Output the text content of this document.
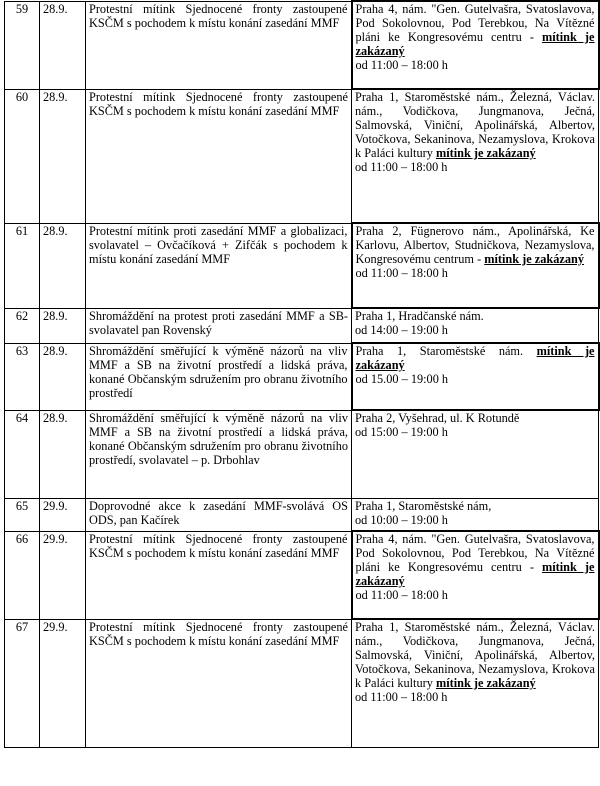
59	28.9.	Protestní mítink Sjednocené fronty zastoupené KSČM s pochodem k místu konání zasedání MMF	Praha 4, nám. "Gen. Gutelvašra, Svatoslavova, Pod Sokolovnou, Pod Terebkou, Na Vítězné pláni ke Kongresovému centru - mítink je zakázaný
od 11:00 – 18:00 h

60	28.9.	Protestní mítink Sjednocené fronty zastoupené KSČM s pochodem k místu konání zasedání MMF	Praha 1, Staroměstské nám., Železná, Václav. nám., Vodičkova, Jungmanova, Ječná, Salmovská, Viniční, Apolinářská, Albertov, Votočkova, Sekaninova, Nezamyslova, Krokova k Paláci kultury mítink je zakázaný
od 11:00 – 18:00 h

61	28.9.	Protestní mítink proti zasedání MMF a globalizaci, svolavatel – Ovčačíková + Zifčák s pochodem k místu konání zasedání MMF	Praha 2, Fügnerovo nám., Apolinářská, Ke Karlovu, Albertov, Studničkova, Nezamyslova, Kongresovému centrum - mítink je zakázaný
od 11:00 – 18:00 h

62	28.9.	Shromáždění na protest proti zasedání MMF a SB-svolavatel pan Rovenský	Praha 1, Hradčanské nám.
od 14:00 – 19:00 h

63	28.9.	Shromáždění směřující k výměně názorů na vliv MMF a SB na životní prostředí a lidská práva, konané Občanským sdružením pro obranu životního prostředí	Praha 1, Staroměstské nám. mítink je zakázaný
od 15.00 – 19:00 h

64	28.9.	Shromáždění směřující k výměně názorů na vliv MMF a SB na životní prostředí a lidská práva, konané Občanským sdružením pro obranu životního prostředí, svolavatel – p. Drbohlav	Praha 2, Vyšehrad, ul. K Rotundě
od 15:00 – 19:00 h

65	29.9.	Doprovodné akce k zasedání MMF-svolává OS ODS, pan Kačírek	Praha 1, Staroměstské nám,
od 10:00 – 19:00 h

66	29.9.	Protestní mítink Sjednocené fronty zastoupené KSČM s pochodem k místu konání zasedání MMF	Praha 4, nám. "Gen. Gutelvašra, Svatoslavova, Pod Sokolovnou, Pod Terebkou, Na Vítězné pláni ke Kongresovému centru - mítink je zakázaný
od 11:00 – 18:00 h

67	29.9.	Protestní mítink Sjednocené fronty zastoupené KSČM s pochodem k místu konání zasedání MMF	Praha 1, Staroměstské nám., Železná, Václav. nám., Vodičkova, Jungmanova, Ječná, Salmovská, Viniční, Apolinářská, Albertov, Votočkova, Sekaninova, Nezamyslova, Krokova k Paláci kultury mítink je zakázaný
od 11:00 – 18:00 h
